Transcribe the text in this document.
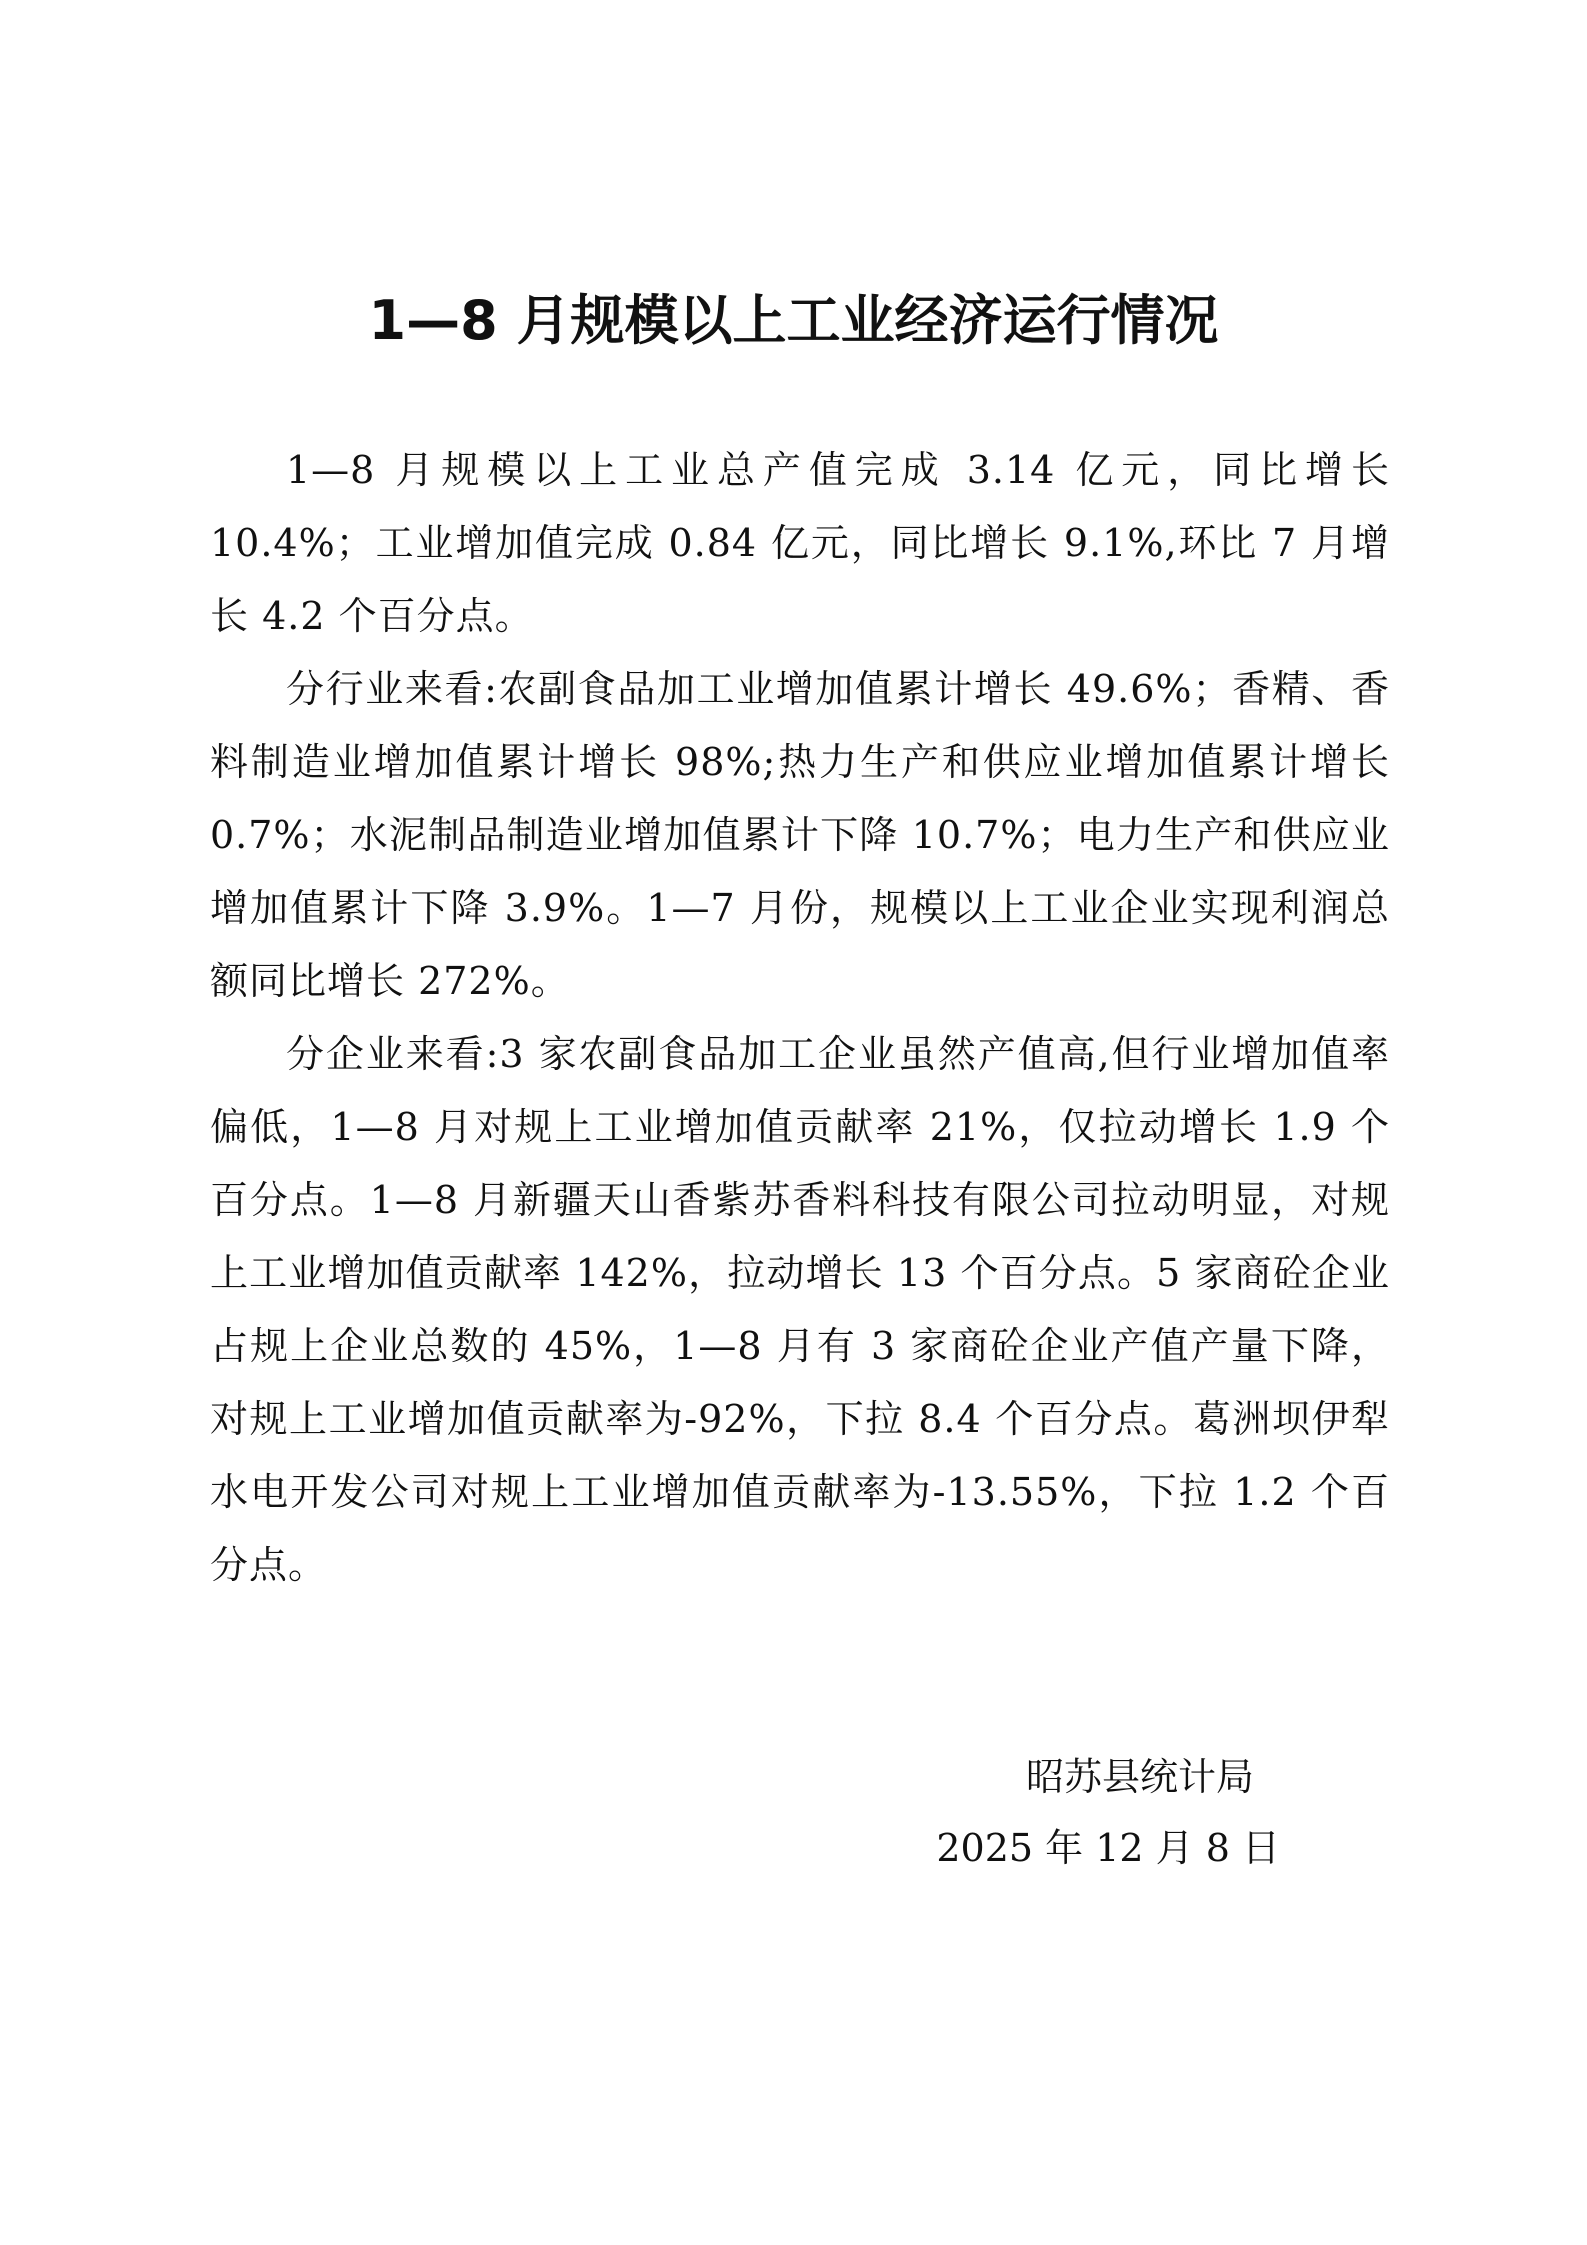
1—8 月规模以上工业经济运行情况

1—8 月规模以上工业总产值完成 3.14 亿元，同比增长 10.4%；工业增加值完成 0.84 亿元，同比增长 9.1%,环比 7 月增长 4.2 个百分点。

分行业来看:农副食品加工业增加值累计增长 49.6%；香精、香料制造业增加值累计增长 98%;热力生产和供应业增加值累计增长 0.7%；水泥制品制造业增加值累计下降 10.7%；电力生产和供应业增加值累计下降 3.9%。1—7 月份，规模以上工业企业实现利润总额同比增长 272%。

分企业来看:3 家农副食品加工企业虽然产值高,但行业增加值率偏低，1—8 月对规上工业增加值贡献率 21%，仅拉动增长 1.9 个百分点。1—8 月新疆天山香紫苏香料科技有限公司拉动明显，对规上工业增加值贡献率 142%，拉动增长 13 个百分点。5 家商砼企业占规上企业总数的 45%，1—8 月有 3 家商砼企业产值产量下降，对规上工业增加值贡献率为-92%，下拉 8.4 个百分点。葛洲坝伊犁水电开发公司对规上工业增加值贡献率为-13.55%，下拉 1.2 个百分点。

昭苏县统计局

2025 年 12 月 8 日
